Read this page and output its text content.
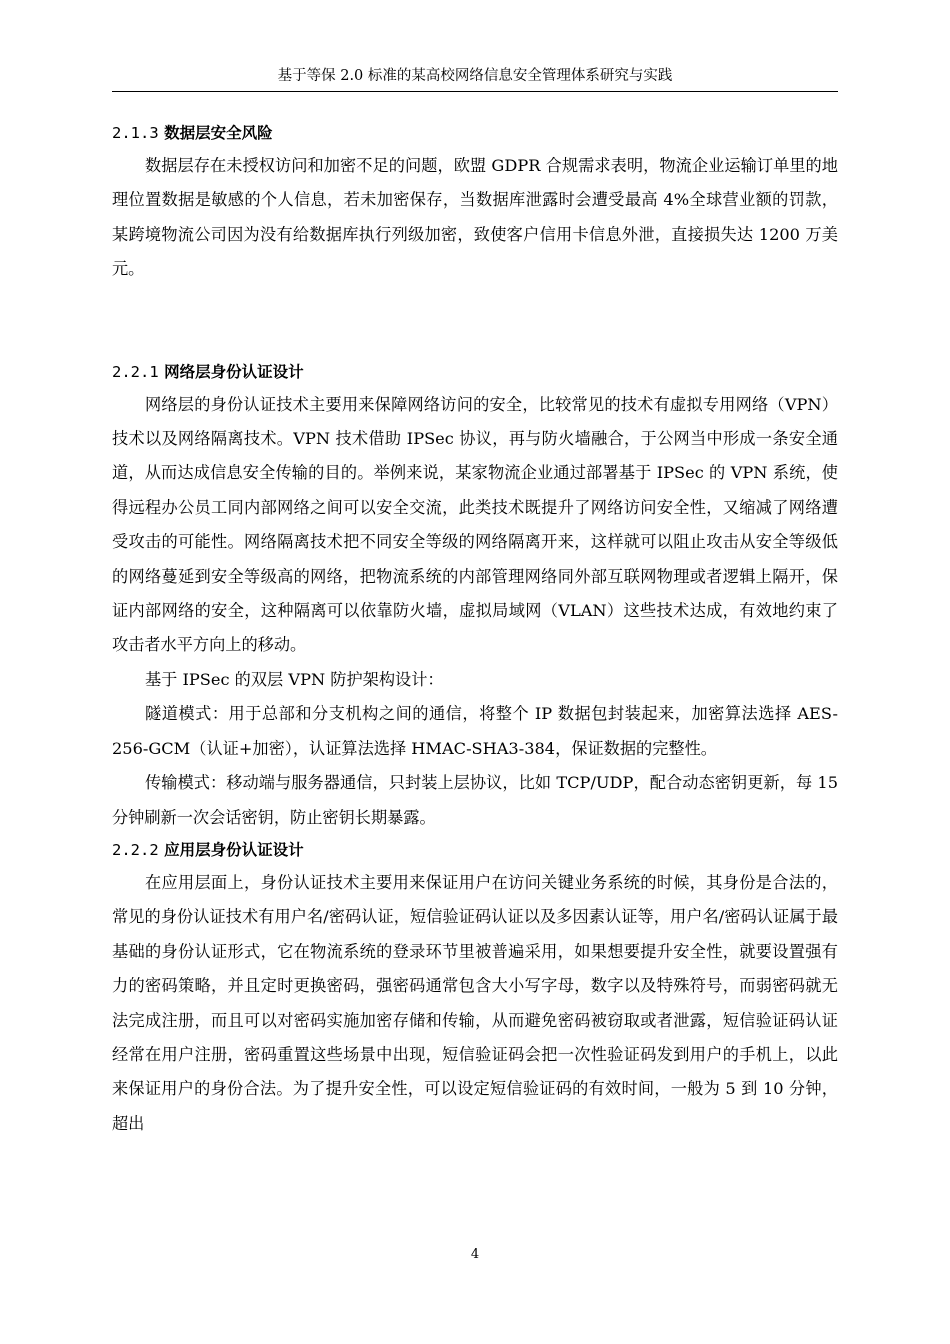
基于等保 2.0 标准的某高校网络信息安全管理体系研究与实践
2.1.3 数据层安全风险

数据层存在未授权访问和加密不足的问题，欧盟 GDPR 合规需求表明，物流企业运输订单里的地理位置数据是敏感的个人信息，若未加密保存，当数据库泄露时会遭受最高 4%全球营业额的罚款，某跨境物流公司因为没有给数据库执行列级加密，致使客户信用卡信息外泄，直接损失达 1200 万美元。

2.2.1 网络层身份认证设计

网络层的身份认证技术主要用来保障网络访问的安全，比较常见的技术有虚拟专用网络（VPN）技术以及网络隔离技术。VPN 技术借助 IPSec 协议，再与防火墙融合，于公网当中形成一条安全通道，从而达成信息安全传输的目的。举例来说，某家物流企业通过部署基于 IPSec 的 VPN 系统，使得远程办公员工同内部网络之间可以安全交流，此类技术既提升了网络访问安全性，又缩减了网络遭受攻击的可能性。网络隔离技术把不同安全等级的网络隔离开来，这样就可以阻止攻击从安全等级低的网络蔓延到安全等级高的网络，把物流系统的内部管理网络同外部互联网物理或者逻辑上隔开，保证内部网络的安全，这种隔离可以依靠防火墙，虚拟局域网（VLAN）这些技术达成，有效地约束了攻击者水平方向上的移动。

基于 IPSec 的双层 VPN 防护架构设计：

隧道模式：用于总部和分支机构之间的通信，将整个 IP 数据包封装起来，加密算法选择 AES-256-GCM（认证+加密），认证算法选择 HMAC-SHA3-384，保证数据的完整性。

传输模式：移动端与服务器通信，只封装上层协议，比如 TCP/UDP，配合动态密钥更新，每 15 分钟刷新一次会话密钥，防止密钥长期暴露。

2.2.2 应用层身份认证设计

在应用层面上，身份认证技术主要用来保证用户在访问关键业务系统的时候，其身份是合法的，常见的身份认证技术有用户名/密码认证，短信验证码认证以及多因素认证等，用户名/密码认证属于最基础的身份认证形式，它在物流系统的登录环节里被普遍采用，如果想要提升安全性，就要设置强有力的密码策略，并且定时更换密码，强密码通常包含大小写字母，数字以及特殊符号，而弱密码就无法完成注册，而且可以对密码实施加密存储和传输，从而避免密码被窃取或者泄露，短信验证码认证经常在用户注册，密码重置这些场景中出现，短信验证码会把一次性验证码发到用户的手机上，以此来保证用户的身份合法。为了提升安全性，可以设定短信验证码的有效时间，一般为 5 到 10 分钟，超出

4
